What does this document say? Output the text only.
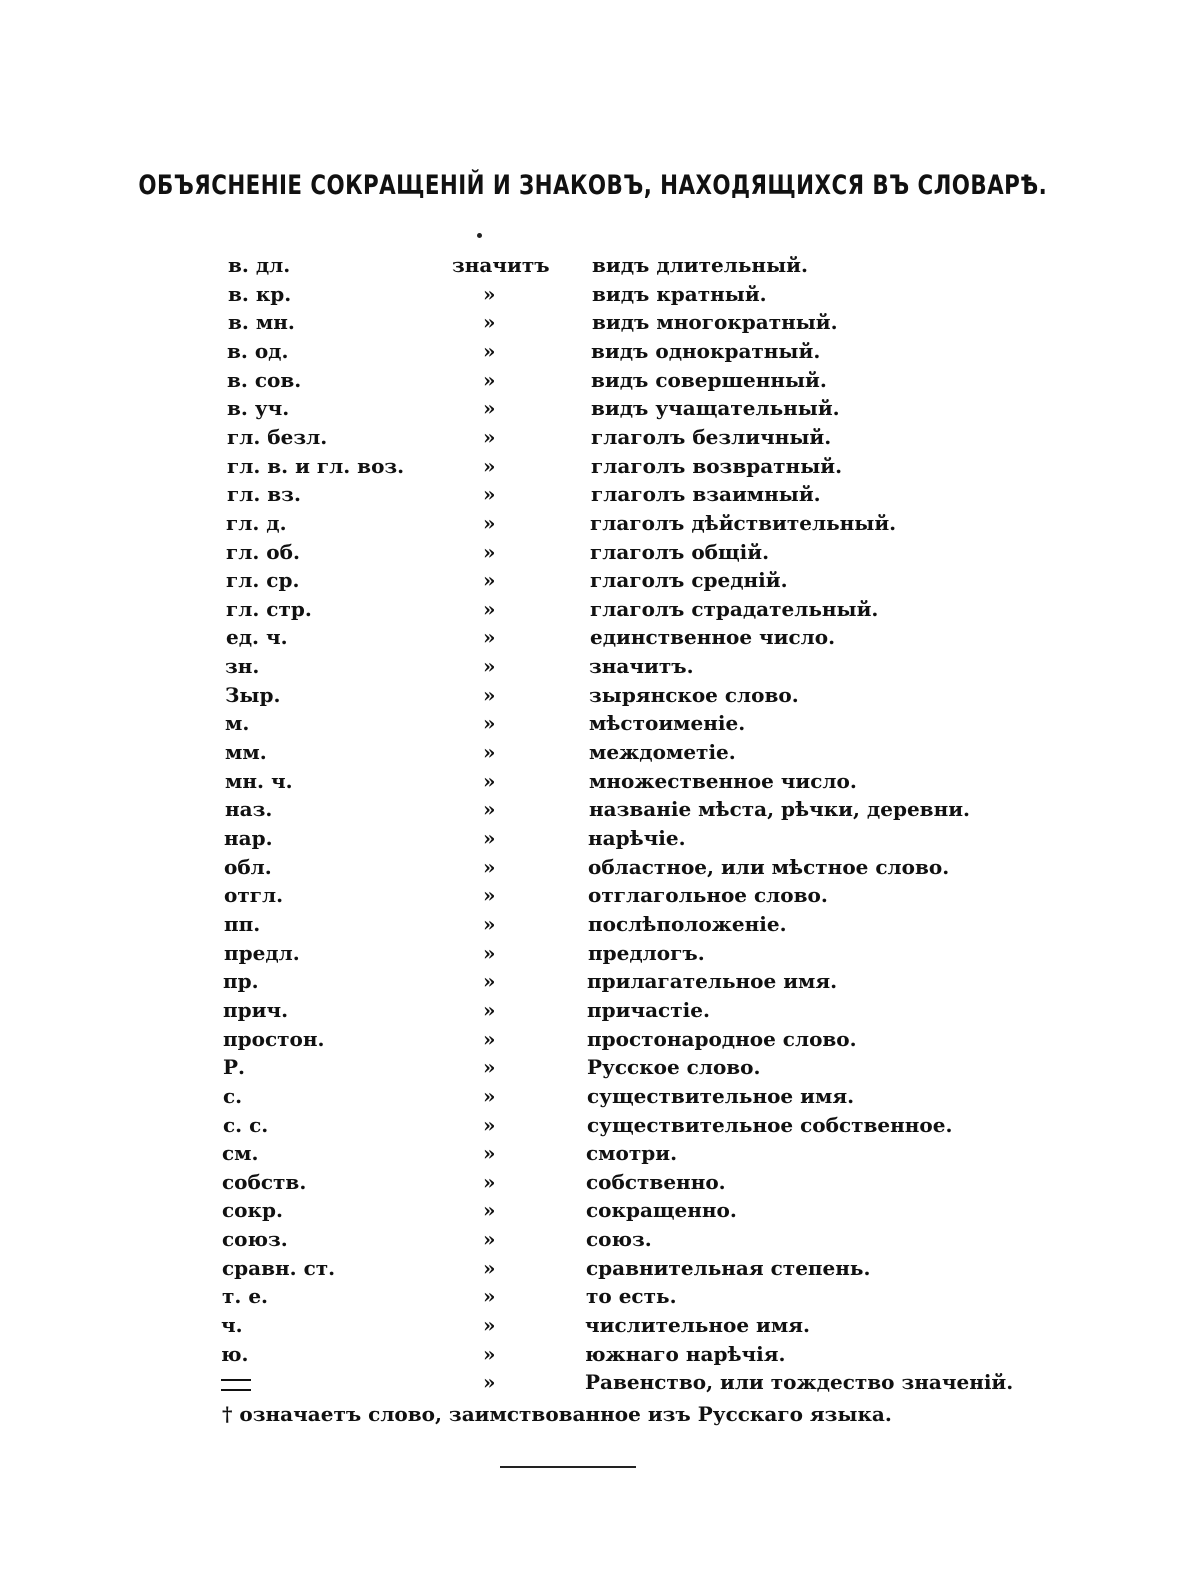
ОБЪЯСНЕНІЕ СОКРАЩЕНІЙ И ЗНАКОВЪ, НАХОДЯЩИХСЯ ВЪ СЛОВАРѢ.
в. дл.	значитъ видъ длительный.
в. кр.	»	видъ кратный.
в. мн.	»	видъ многократный.
в. од.	»	видъ однократный.
в. сов.	»	видъ совершенный.
в. уч.	»	видъ учащательный.
гл. безл.	»	глаголъ безличный.
гл. в. и гл. воз.	»	глаголъ возвратный.
гл. вз.	»	глаголъ взаимный.
гл. д.	»	глаголъ дѣйствительный.
гл. об.	»	глаголъ общій.
гл. ср.	»	глаголъ средній.
гл. стр.	»	глаголъ страдательный.
ед. ч.	»	единственное число.
зн.	»	значитъ.
Зыр.	»	зырянское слово.
м.	»	мѣстоименіе.
мм.	»	междометіе.
мн. ч.	»	множественное число.
наз.	»	названіе мѣста, рѣчки, деревни.
нар.	»	нарѣчіе.
обл.	»	областное, или мѣстное слово.
отгл.	»	отглагольное слово.
пп.	»	послѣположеніе.
предл.	»	предлогъ.
пр.	»	прилагательное имя.
прич.	»	причастіе.
простон.	»	простонародное слово.
Р.	»	Русское слово.
с.	»	существительное имя.
с. с.	»	существительное собственное.
см.	»	смотри.
собств.	»	собственно.
сокр.	»	сокращенно.
союз.	»	союз.
сравн. ст.	»	сравнительная степень.
т. е.	»	то есть.
ч.	»	числительное имя.
ю.	»	южнаго нарѣчія.
»	Равенство, или тождество значеній.
† означаетъ слово, заимствованное изъ Русскаго языка.
